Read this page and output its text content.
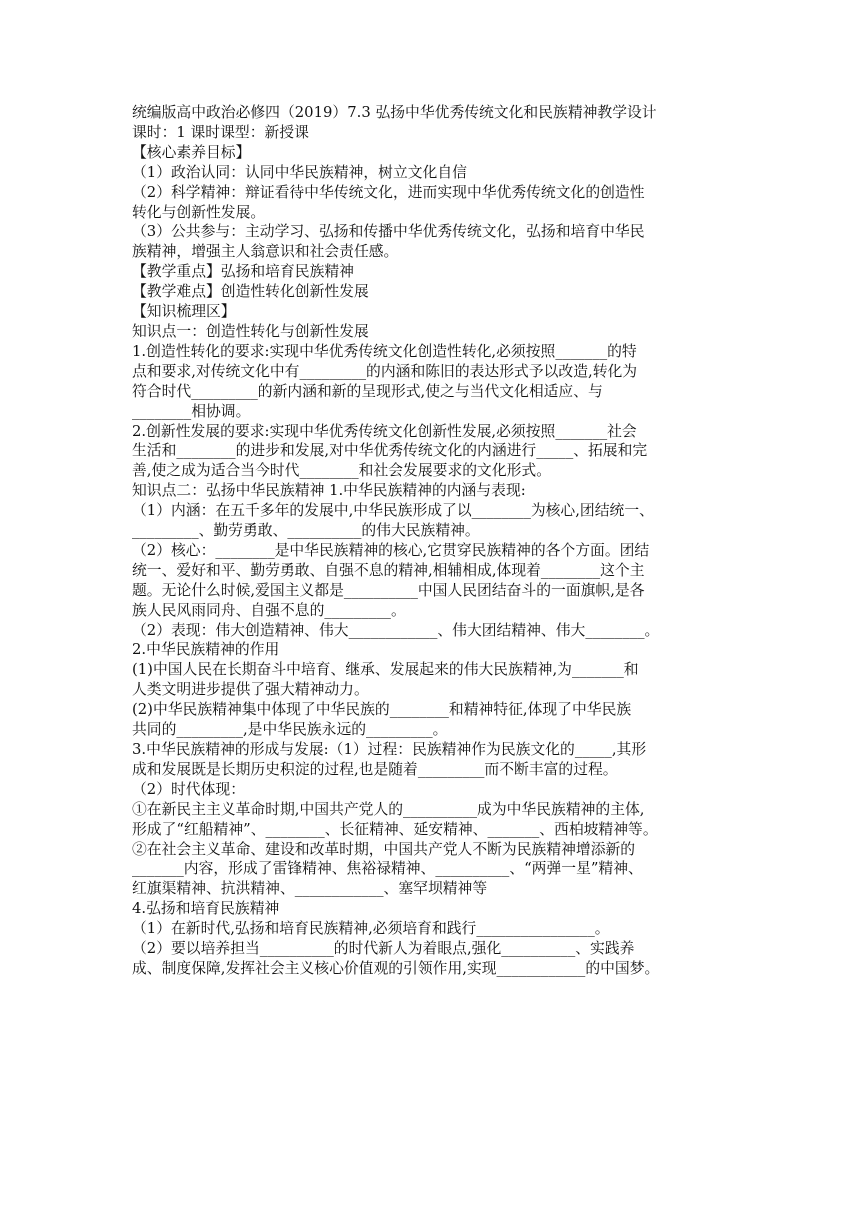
统编版高中政治必修四（2019）7.3 弘扬中华优秀传统文化和民族精神教学设计

课时：1 课时课型：新授课

【核心素养目标】

（1）政治认同：认同中华民族精神，树立文化自信

（2）科学精神：辩证看待中华传统文化，进而实现中华优秀传统文化的创造性

转化与创新性发展。

（3）公共参与：主动学习、弘扬和传播中华优秀传统文化，弘扬和培育中华民

族精神，增强主人翁意识和社会责任感。

【教学重点】弘扬和培育民族精神

【教学难点】创造性转化创新性发展

【知识梳理区】

知识点一：创造性转化与创新性发展

1.创造性转化的要求:实现中华优秀传统文化创造性转化,必须按照_______的特

点和要求,对传统文化中有_________的内涵和陈旧的表达形式予以改造,转化为

符合时代_________的新内涵和新的呈现形式,使之与当代文化相适应、与

________相协调。

2.创新性发展的要求:实现中华优秀传统文化创新性发展,必须按照_______社会

生活和________的进步和发展,对中华优秀传统文化的内涵进行_____、拓展和完

善,使之成为适合当今时代________和社会发展要求的文化形式。

知识点二：弘扬中华民族精神 1.中华民族精神的内涵与表现:

（1）内涵：在五千多年的发展中,中华民族形成了以________为核心,团结统一、

_________、勤劳勇敢、__________的伟大民族精神。

（2）核心：________是中华民族精神的核心,它贯穿民族精神的各个方面。团结

统一、爱好和平、勤劳勇敢、自强不息的精神,相辅相成,体现着________这个主

题。无论什么时候,爱国主义都是__________中国人民团结奋斗的一面旗帜,是各

族人民风雨同舟、自强不息的_________。

（2）表现：伟大创造精神、伟大____________、伟大团结精神、伟大________。

2.中华民族精神的作用

(1)中国人民在长期奋斗中培育、继承、发展起来的伟大民族精神,为_______和

人类文明进步提供了强大精神动力。

(2)中华民族精神集中体现了中华民族的________和精神特征,体现了中华民族

共同的_________,是中华民族永远的_________。

3.中华民族精神的形成与发展:（1）过程：民族精神作为民族文化的_____,其形

成和发展既是长期历史积淀的过程,也是随着_________而不断丰富的过程。

（2）时代体现：

①在新民主主义革命时期,中国共产党人的__________成为中华民族精神的主体,

形成了“红船精神”、________、长征精神、延安精神、_______、西柏坡精神等。

②在社会主义革命、建设和改革时期，中国共产党人不断为民族精神增添新的

_______内容，形成了雷锋精神、焦裕禄精神、__________、“两弹一星”精神、

红旗渠精神、抗洪精神、____________、塞罕坝精神等

4.弘扬和培育民族精神

（1）在新时代,弘扬和培育民族精神,必须培育和践行________________。

（2）要以培养担当__________的时代新人为着眼点,强化__________、实践养

成、制度保障,发挥社会主义核心价值观的引领作用,实现____________的中国梦。
